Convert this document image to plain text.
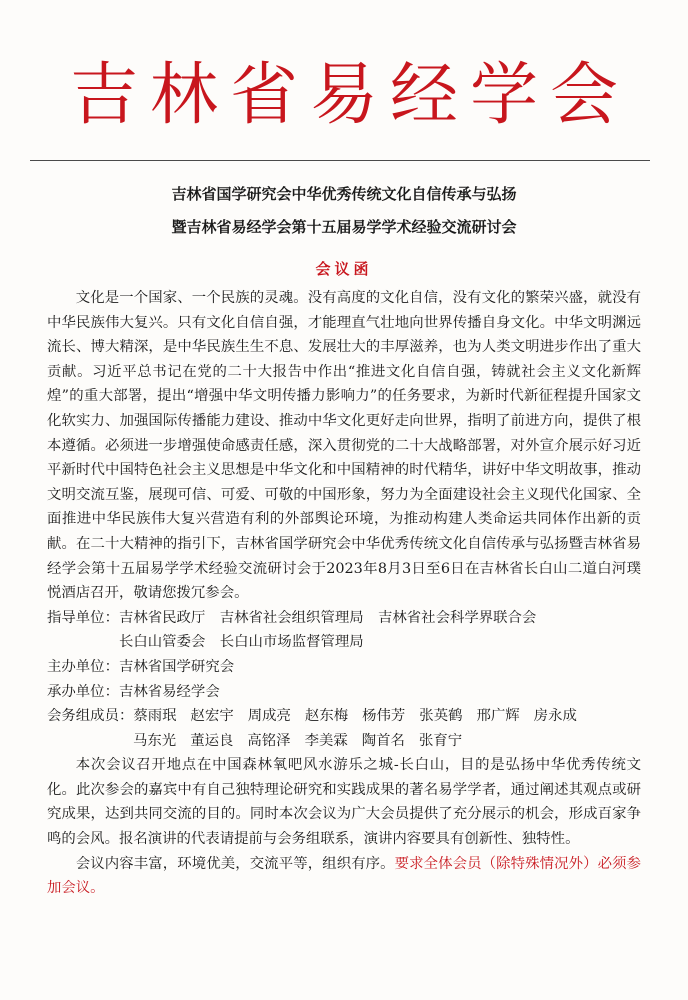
吉林省易经学会
吉林省国学研究会中华优秀传统文化自信传承与弘扬
暨吉林省易经学会第十五届易学学术经验交流研讨会
会议函

文化是一个国家、一个民族的灵魂。没有高度的文化自信，没有文化的繁荣兴盛，就没有中华民族伟大复兴。只有文化自信自强，才能理直气壮地向世界传播自身文化。中华文明渊远流长、博大精深，是中华民族生生不息、发展壮大的丰厚滋养，也为人类文明进步作出了重大贡献。习近平总书记在党的二十大报告中作出“推进文化自信自强，铸就社会主义文化新辉煌”的重大部署，提出“增强中华文明传播力影响力”的任务要求，为新时代新征程提升国家文化软实力、加强国际传播能力建设、推动中华文化更好走向世界，指明了前进方向，提供了根本遵循。必须进一步增强使命感责任感，深入贯彻党的二十大战略部署，对外宣介展示好习近平新时代中国特色社会主义思想是中华文化和中国精神的时代精华，讲好中华文明故事，推动文明交流互鉴，展现可信、可爱、可敬的中国形象，努力为全面建设社会主义现代化国家、全面推进中华民族伟大复兴营造有利的外部舆论环境，为推动构建人类命运共同体作出新的贡献。在二十大精神的指引下，吉林省国学研究会中华优秀传统文化自信传承与弘扬暨吉林省易经学会第十五届易学学术经验交流研讨会于2023年8月3日至6日在吉林省长白山二道白河璞悦酒店召开，敬请您拨冗参会。

指导单位： 吉林省民政厅　吉林省社会组织管理局　吉林省社会科学界联合会
长白山管委会　长白山市场监督管理局
主办单位： 吉林省国学研究会
承办单位： 吉林省易经学会
会务组成员： 蔡雨珉 赵宏宇 周成亮 赵东梅 杨伟芳 张英鹤 邢广辉 房永成
马东光 董运良 高铭泽 李美霖 陶首名 张育宁

本次会议召开地点在中国森林氧吧风水游乐之城-长白山，目的是弘扬中华优秀传统文化。此次参会的嘉宾中有自己独特理论研究和实践成果的著名易学学者，通过阐述其观点或研究成果，达到共同交流的目的。同时本次会议为广大会员提供了充分展示的机会，形成百家争鸣的会风。报名演讲的代表请提前与会务组联系，演讲内容要具有创新性、独特性。

会议内容丰富，环境优美，交流平等，组织有序。要求全体会员（除特殊情况外）必须参加会议。
